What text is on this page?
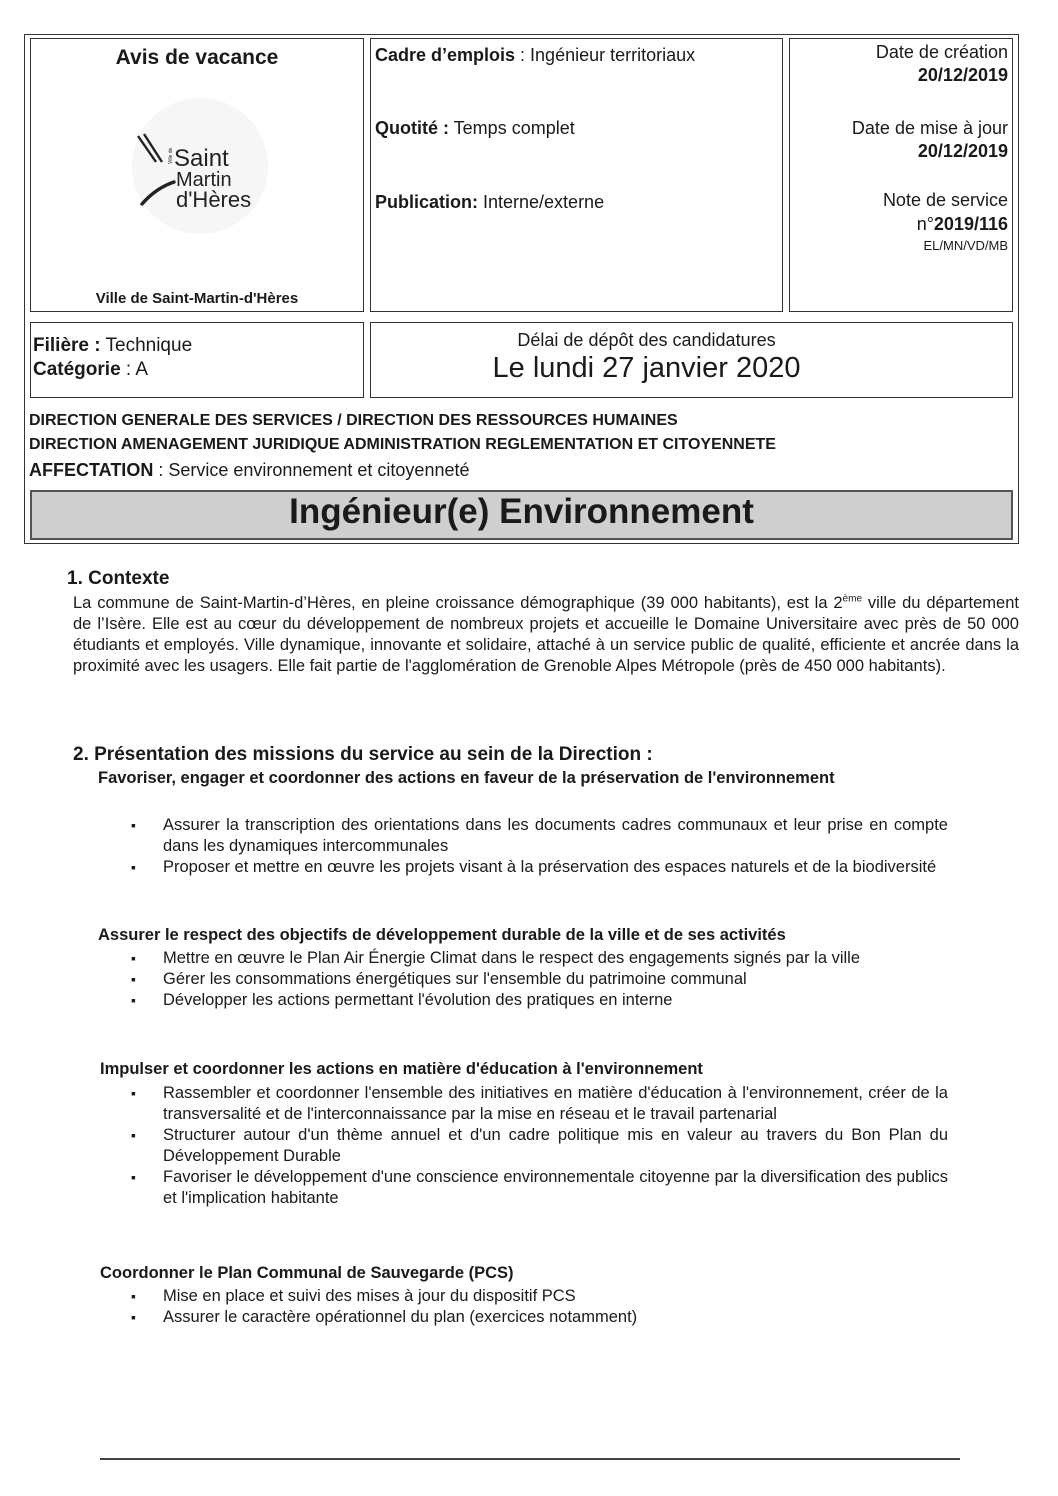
Avis de vacance
Ville de Saint
Martin
d'Hères
Ville de Saint-Martin-d'Hères
Cadre d’emplois : Ingénieur territoriaux
Quotité : Temps complet
Publication: Interne/externe
Date de création
20/12/2019
Date de mise à jour
20/12/2019
Note de service
n°2019/116
EL/MN/VD/MB
Filière : Technique
Catégorie : A
Délai de dépôt des candidatures
Le lundi 27 janvier 2020
DIRECTION GENERALE DES SERVICES / DIRECTION DES RESSOURCES HUMAINES
DIRECTION AMENAGEMENT JURIDIQUE ADMINISTRATION REGLEMENTATION ET CITOYENNETE
AFFECTATION : Service environnement et citoyenneté
Ingénieur(e) Environnement
1. Contexte
La commune de Saint-Martin-d’Hères, en pleine croissance démographique (39 000 habitants), est la 2ème ville du département de l’Isère. Elle est au cœur du développement de nombreux projets et accueille le Domaine Universitaire avec près de 50 000 étudiants et employés. Ville dynamique, innovante et solidaire, attaché à un service public de qualité, efficiente et ancrée dans la proximité avec les usagers. Elle fait partie de l'agglomération de Grenoble Alpes Métropole (près de 450 000 habitants).
2. Présentation des missions du service au sein de la Direction :
Favoriser, engager et coordonner des actions en faveur de la préservation de l'environnement
▪ Assurer la transcription des orientations dans les documents cadres communaux et leur prise en compte dans les dynamiques intercommunales
▪ Proposer et mettre en œuvre les projets visant à la préservation des espaces naturels et de la biodiversité
Assurer le respect des objectifs de développement durable de la ville et de ses activités
▪ Mettre en œuvre le Plan Air Énergie Climat dans le respect des engagements signés par la ville
▪ Gérer les consommations énergétiques sur l'ensemble du patrimoine communal
▪ Développer les actions permettant l'évolution des pratiques en interne
Impulser et coordonner les actions en matière d'éducation à l'environnement
▪ Rassembler et coordonner l'ensemble des initiatives en matière d'éducation à l'environnement, créer de la transversalité et de l'interconnaissance par la mise en réseau et le travail partenarial
▪ Structurer autour d'un thème annuel et d'un cadre politique mis en valeur au travers du Bon Plan du Développement Durable
▪ Favoriser le développement d'une conscience environnementale citoyenne par la diversification des publics et l'implication habitante
Coordonner le Plan Communal de Sauvegarde (PCS)
▪ Mise en place et suivi des mises à jour du dispositif PCS
▪ Assurer le caractère opérationnel du plan (exercices notamment)
